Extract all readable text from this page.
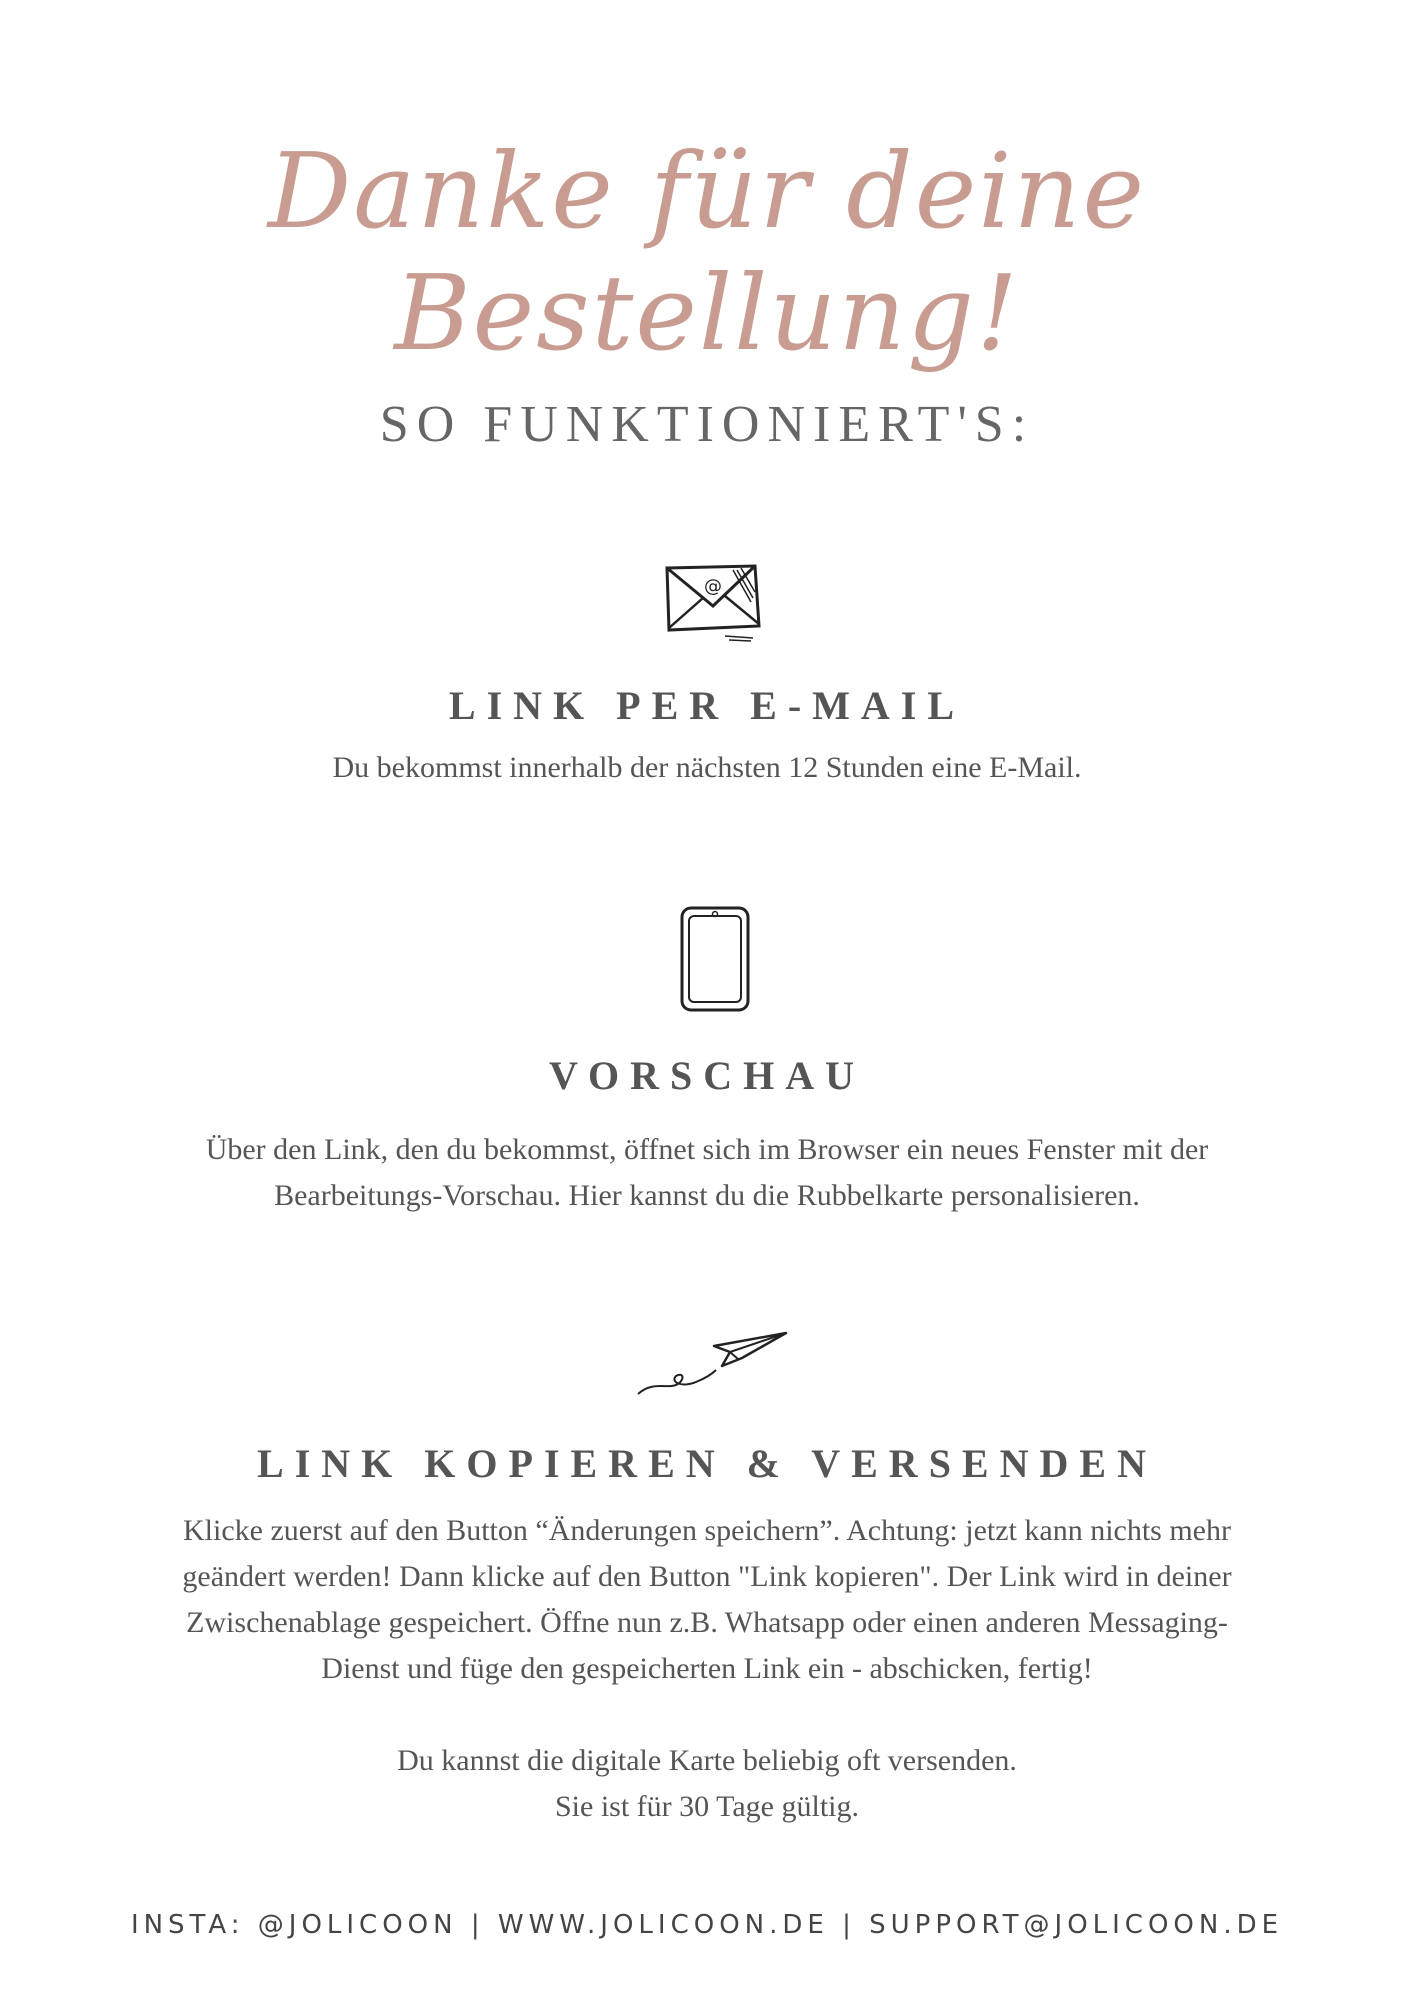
Danke für deine Bestellung!
SO FUNKTIONIERT'S:
@
LINK PER E-MAIL
Du bekommst innerhalb der nächsten 12 Stunden eine E-Mail.
VORSCHAU
Über den Link, den du bekommst, öffnet sich im Browser ein neues Fenster mit der
Bearbeitungs-Vorschau. Hier kannst du die Rubbelkarte personalisieren.
LINK KOPIEREN & VERSENDEN
Klicke zuerst auf den Button “Änderungen speichern”. Achtung: jetzt kann nichts mehr
geändert werden! Dann klicke auf den Button "Link kopieren". Der Link wird in deiner
Zwischenablage gespeichert. Öffne nun z.B. Whatsapp oder einen anderen Messaging-
Dienst und füge den gespeicherten Link ein - abschicken, fertig!
Du kannst die digitale Karte beliebig oft versenden.
Sie ist für 30 Tage gültig.
INSTA: @JOLICOON | WWW.JOLICOON.DE | SUPPORT@JOLICOON.DE
